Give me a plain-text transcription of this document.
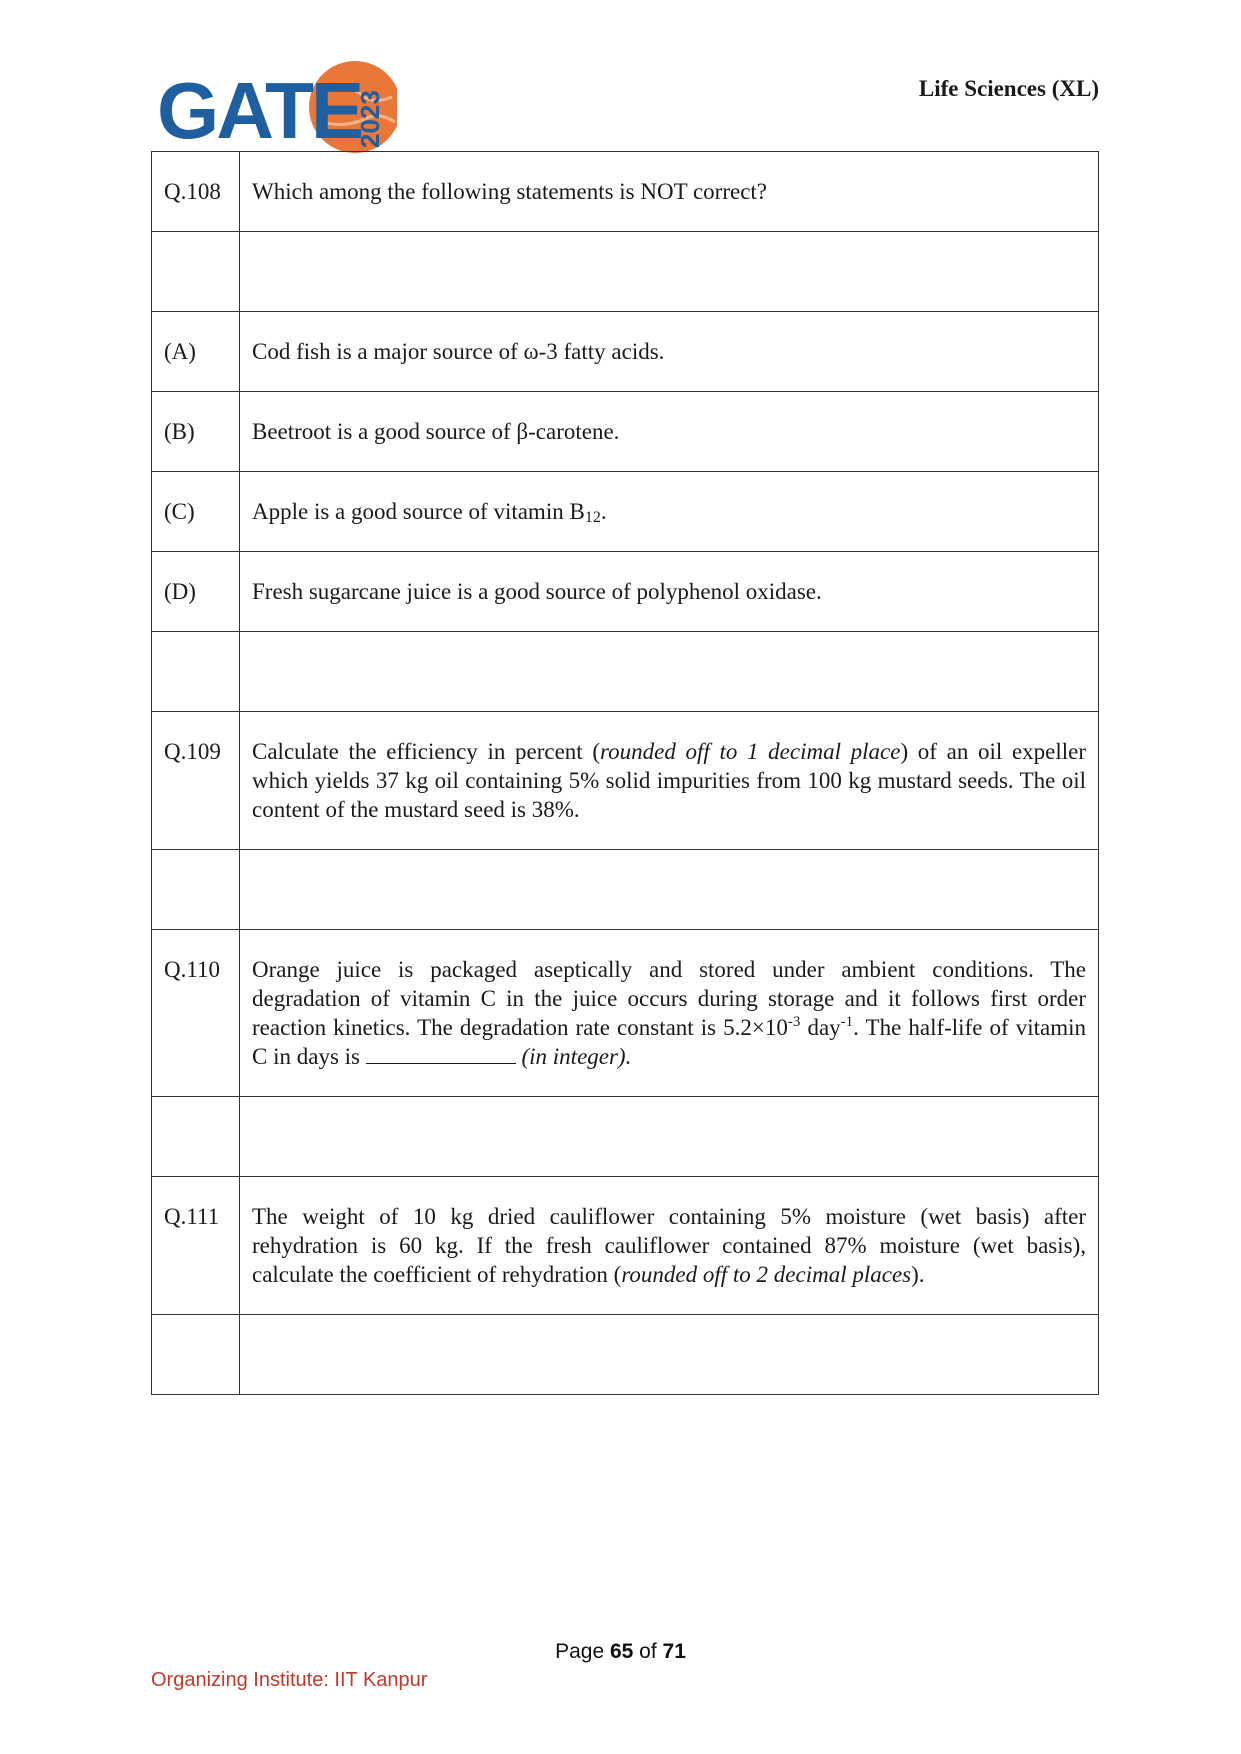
GATE
2023
Life Sciences (XL)
Q.108	Which among the following statements is NOT correct?

(A)	Cod fish is a major source of ω-3 fatty acids.
(B)	Beetroot is a good source of β-carotene.
(C)	Apple is a good source of vitamin $B_{12}$.
(D)	Fresh sugarcane juice is a good source of polyphenol oxidase.

Q.109	Calculate the efficiency in percent (rounded off to 1 decimal place) of an oil expeller which yields 37 kg oil containing 5% solid impurities from 100 kg mustard seeds. The oil content of the mustard seed is 38%.

Q.110	Orange juice is packaged aseptically and stored under ambient conditions. The degradation of vitamin C in the juice occurs during storage and it follows first order reaction kinetics. The degradation rate constant is $5.2\times 10^{-3}$ day$^{-1}$. The half-life of vitamin C in days is (in integer).

Q.111	The weight of 10 kg dried cauliflower containing 5% moisture (wet basis) after rehydration is 60 kg. If the fresh cauliflower contained 87% moisture (wet basis), calculate the coefficient of rehydration (rounded off to 2 decimal places).

Page 65 of 71
Organizing Institute: IIT Kanpur
